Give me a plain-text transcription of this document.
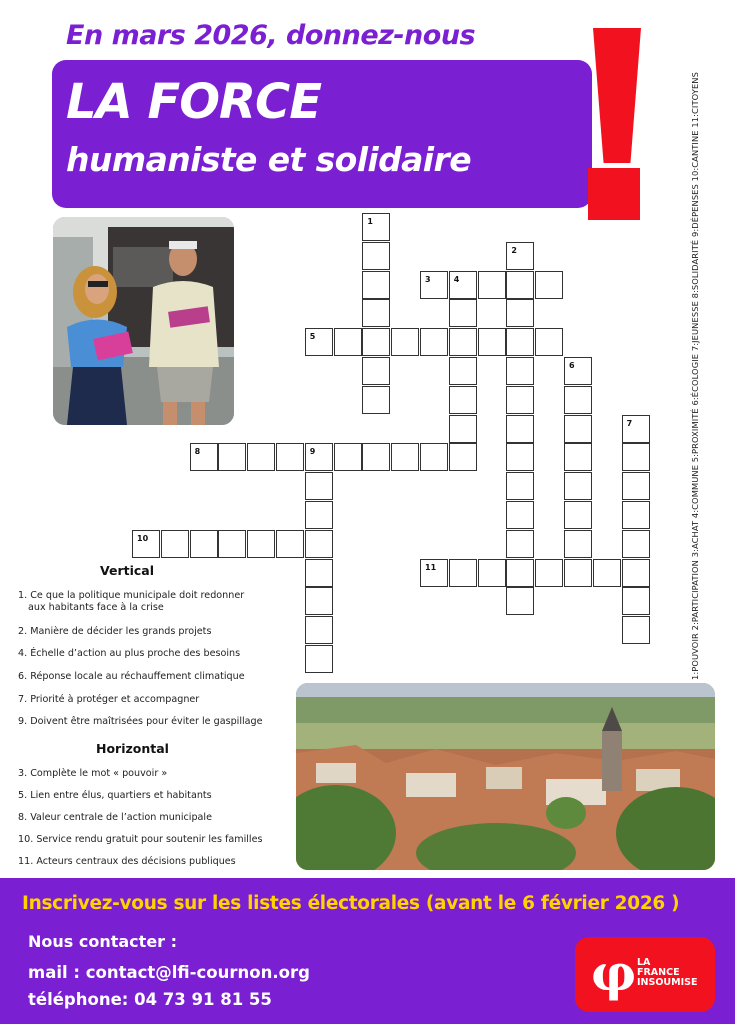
En mars 2026, donnez-nous
LA FORCE
humaniste et solidaire	1:POUVOIR 2:PARTICIPATION 3:ACHAT 4:COMMUNE 5:PROXIMITÉ 6:ÉCOLOGIE 7:JEUNESSE 8:SOLIDARITÉ 9:DÉPENSES 10:CANTINE 11:CITOYENS
1
2
3	4
5
6
7
8	9
10
11
Vertical
1. Ce que la politique municipale doit redonner
aux habitants face à la crise
2. Manière de décider les grands projets
4. Échelle d’action au plus proche des besoins
6. Réponse locale au réchauffement climatique
7. Priorité à protéger et accompagner
9. Doivent être maîtrisées pour éviter le gaspillage
Horizontal
3. Complète le mot « pouvoir »
5. Lien entre élus, quartiers et habitants
8. Valeur centrale de l’action municipale
10. Service rendu gratuit pour soutenir les familles
11. Acteurs centraux des décisions publiques
Inscrivez-vous sur les listes électorales (avant le 6 février 2026 )
Nous contacter :
mail : contact@lfi-cournon.org
téléphone: 04 73 91 81 55	φ LA
FRANCE
INSOUMISE
